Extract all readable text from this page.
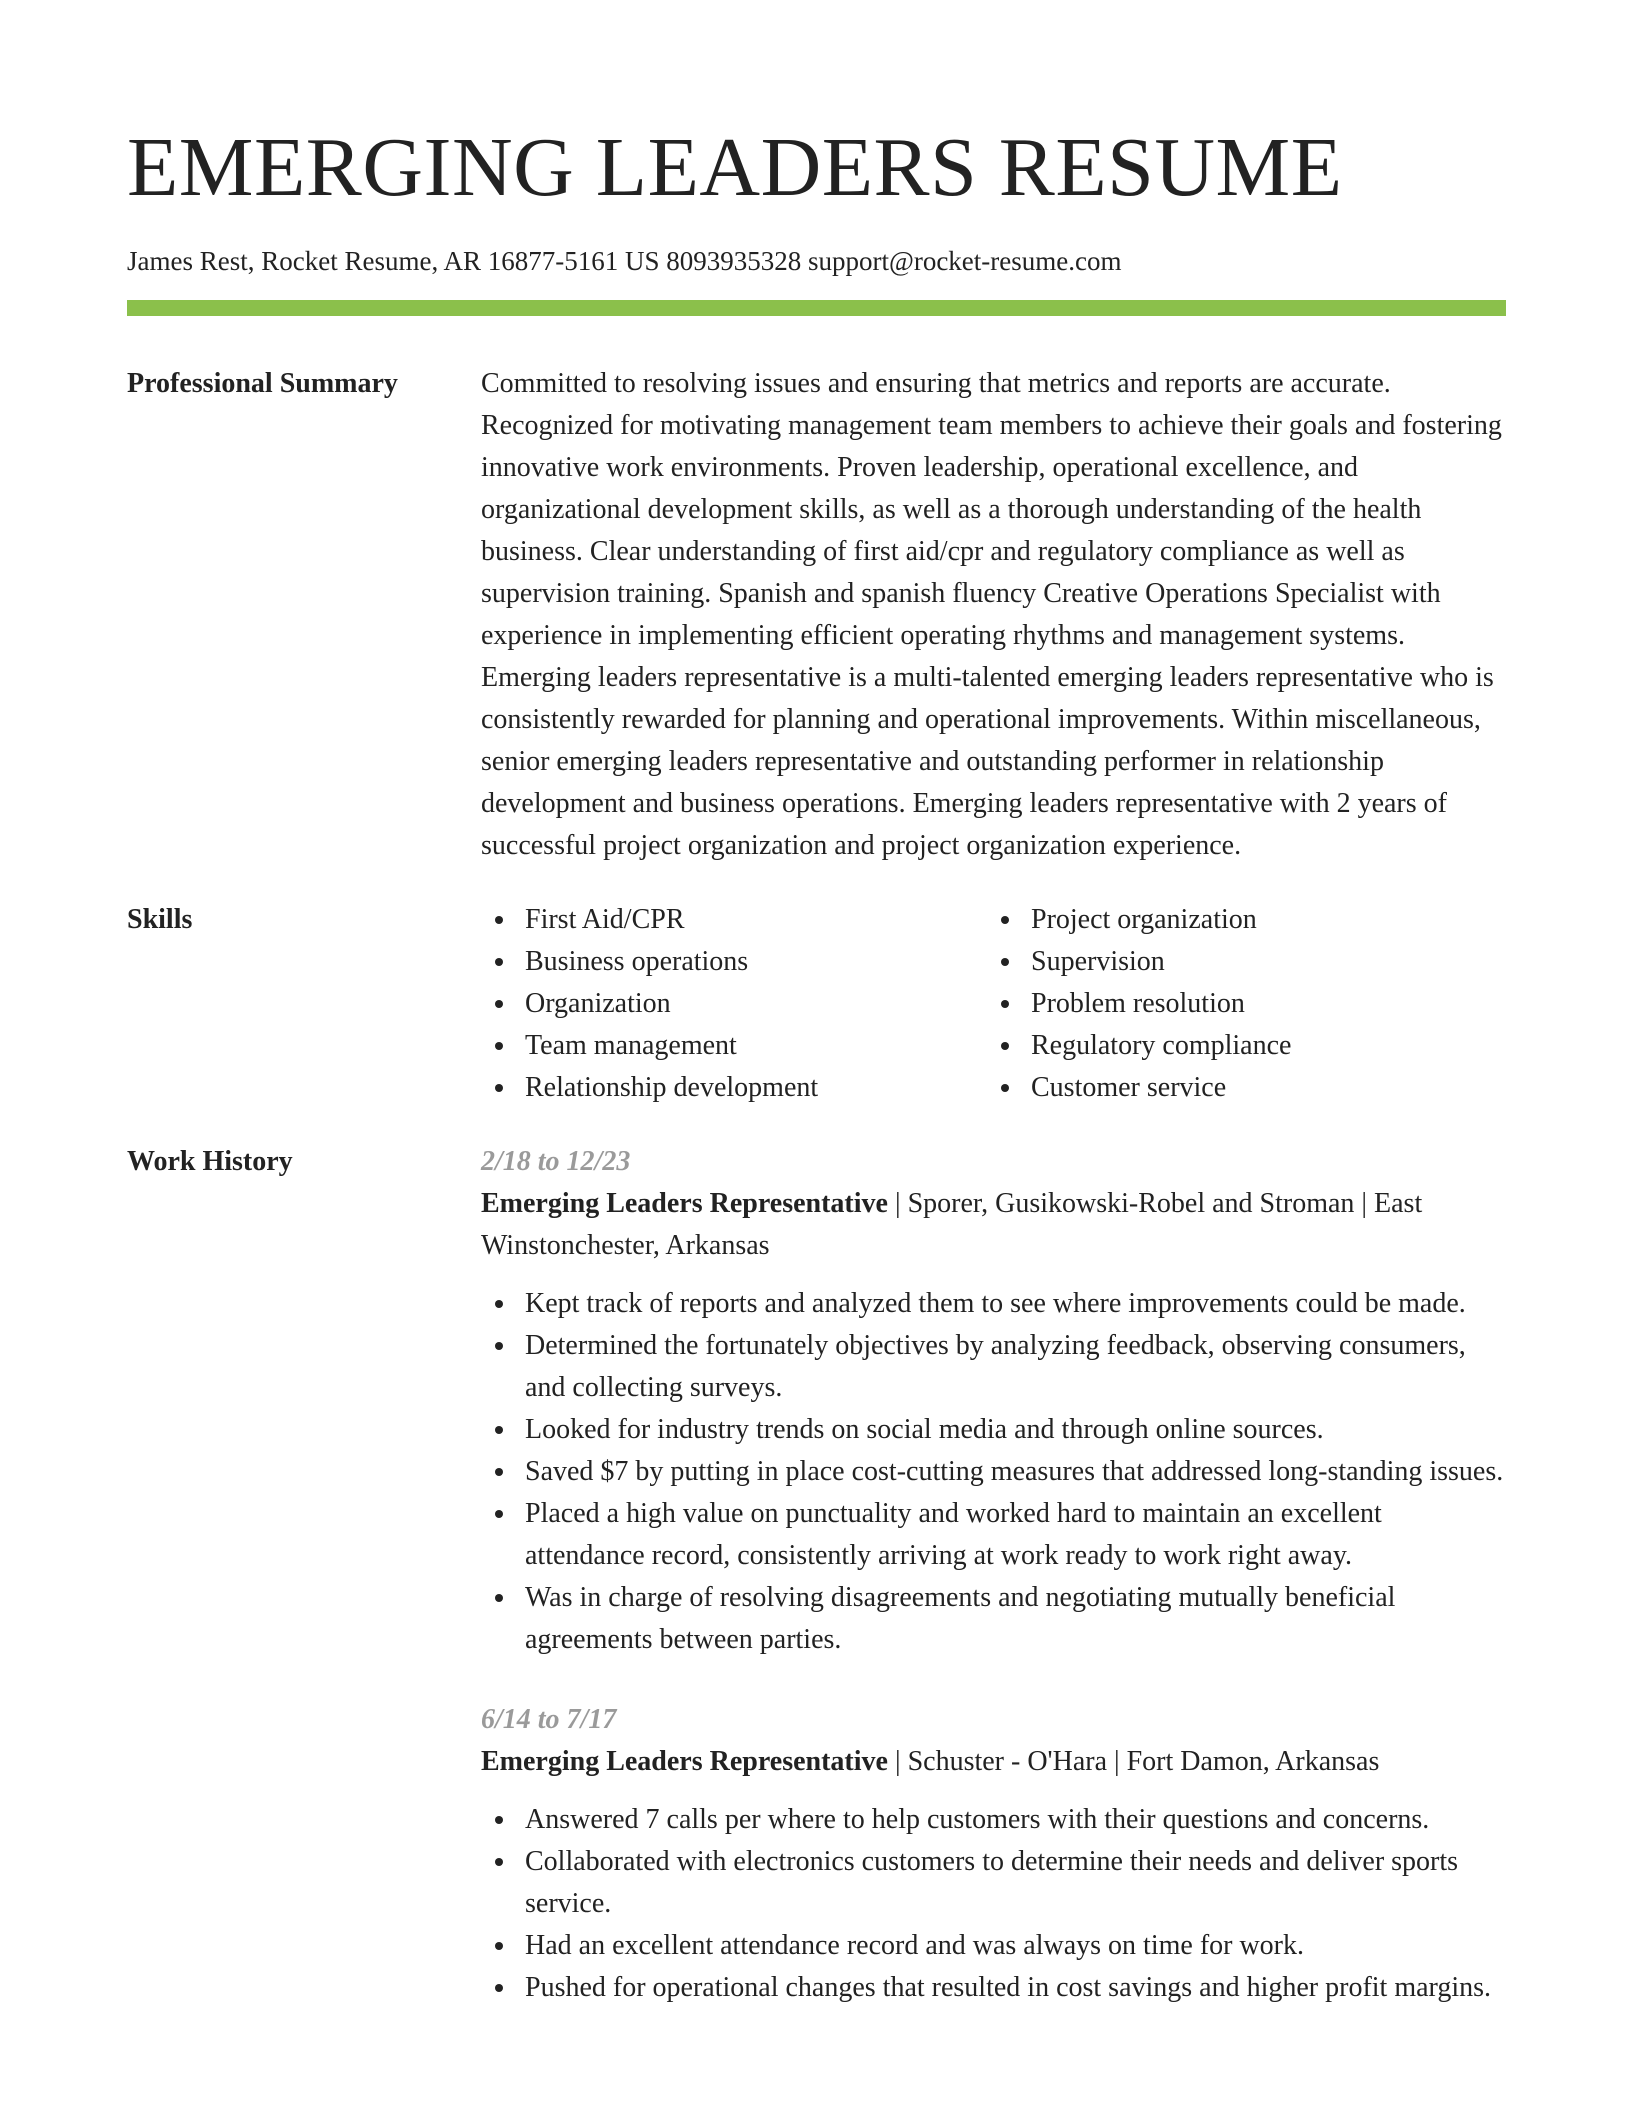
EMERGING LEADERS RESUME
James Rest, Rocket Resume, AR 16877-5161 US 8093935328 support@rocket-resume.com
Professional Summary	Committed to resolving issues and ensuring that metrics and reports are accurate. Recognized for motivating management team members to achieve their goals and fostering innovative work environments. Proven leadership, operational excellence, and organizational development skills, as well as a thorough understanding of the health business. Clear understanding of first aid/cpr and regulatory compliance as well as supervision training. Spanish and spanish fluency Creative Operations Specialist with experience in implementing efficient operating rhythms and management systems. Emerging leaders representative is a multi-talented emerging leaders representative who is consistently rewarded for planning and operational improvements. Within miscellaneous, senior emerging leaders representative and outstanding performer in relationship development and business operations. Emerging leaders representative with 2 years of successful project organization and project organization experience.
Skills	First Aid/CPR
Business operations
Organization
Team management
Relationship development
Project organization
Supervision
Problem resolution
Regulatory compliance
Customer service
Work History	2/18 to 12/23
Emerging Leaders Representative | Sporer, Gusikowski-Robel and Stroman | East Winstonchester, Arkansas
Kept track of reports and analyzed them to see where improvements could be made.
Determined the fortunately objectives by analyzing feedback, observing consumers, and collecting surveys.
Looked for industry trends on social media and through online sources.
Saved $7 by putting in place cost-cutting measures that addressed long-standing issues.
Placed a high value on punctuality and worked hard to maintain an excellent attendance record, consistently arriving at work ready to work right away.
Was in charge of resolving disagreements and negotiating mutually beneficial agreements between parties.
6/14 to 7/17
Emerging Leaders Representative | Schuster - O'Hara | Fort Damon, Arkansas
Answered 7 calls per where to help customers with their questions and concerns.
Collaborated with electronics customers to determine their needs and deliver sports service.
Had an excellent attendance record and was always on time for work.
Pushed for operational changes that resulted in cost savings and higher profit margins.
